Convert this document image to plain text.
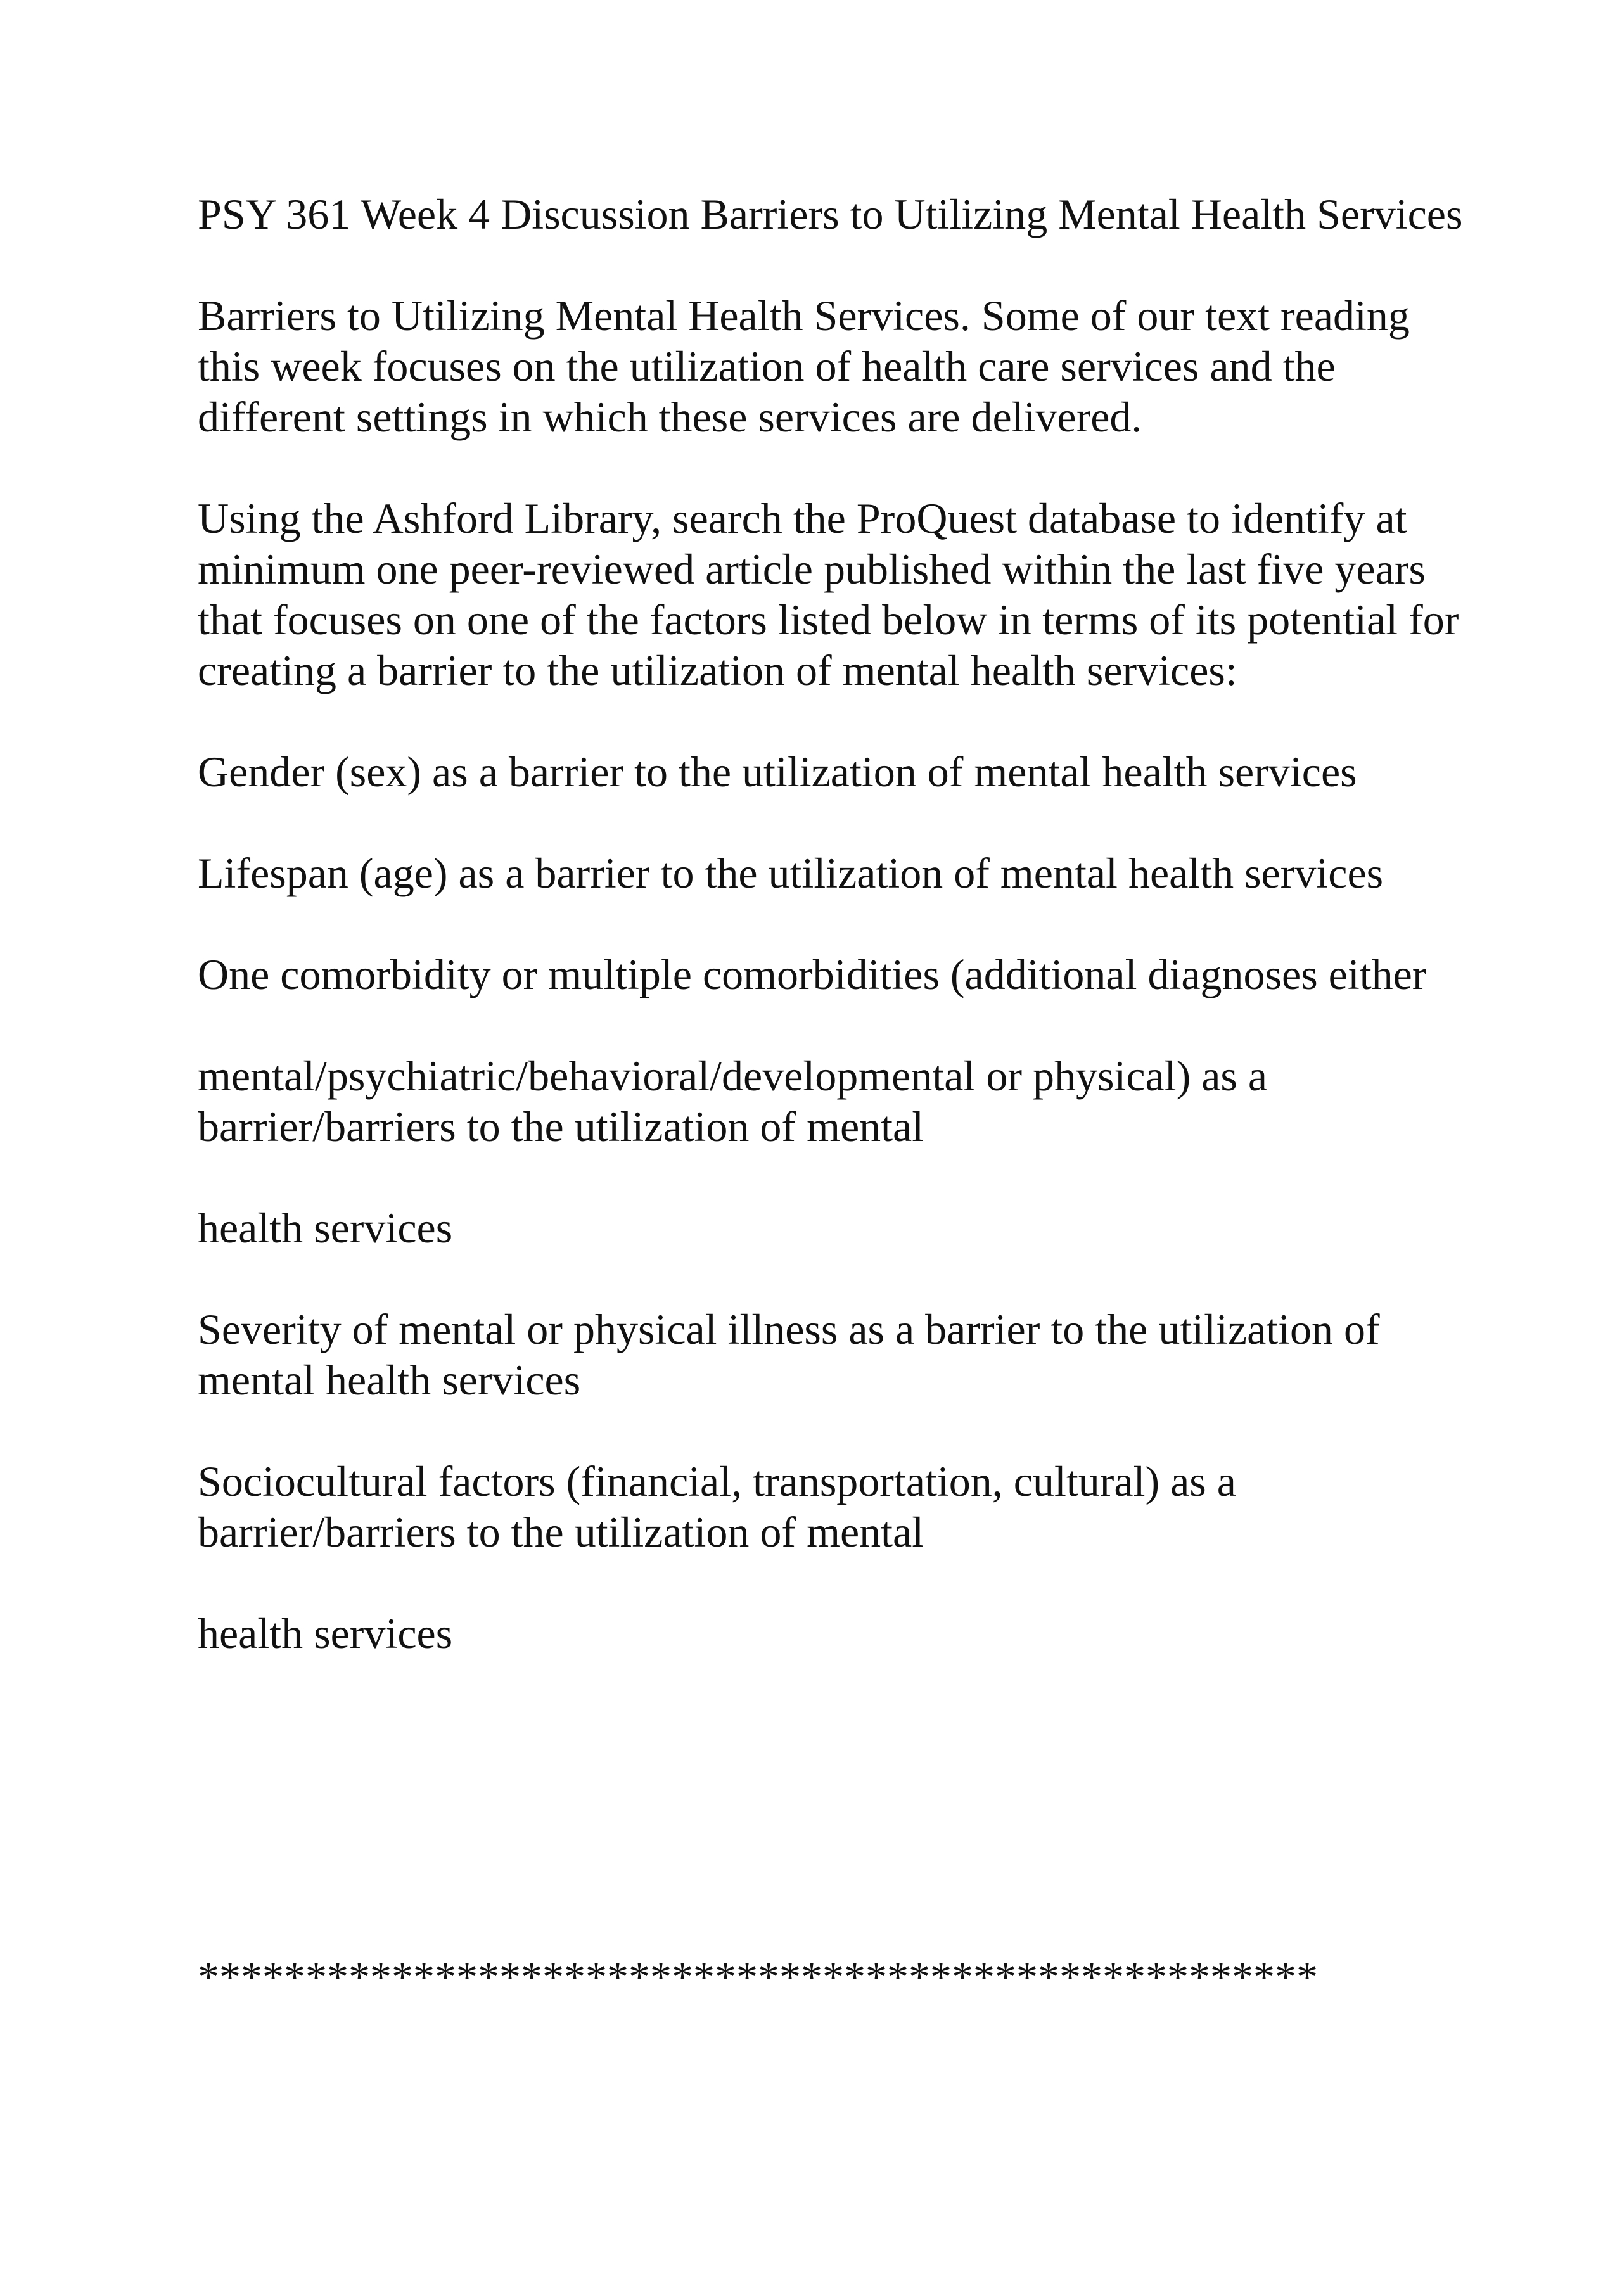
PSY 361 Week 4 Discussion Barriers to Utilizing Mental Health Services

Barriers to Utilizing Mental Health Services. Some of our text reading this week focuses on the utilization of health care services and the different settings in which these services are delivered.

Using the Ashford Library, search the ProQuest database to identify at minimum one peer-reviewed article published within the last five years that focuses on one of the factors listed below in terms of its potential for creating a barrier to the utilization of mental health services:

Gender (sex) as a barrier to the utilization of mental health services

Lifespan (age) as a barrier to the utilization of mental health services

One comorbidity or multiple comorbidities (additional diagnoses either

mental/psychiatric/behavioral/developmental or physical) as a barrier/barriers to the utilization of mental

health services

Severity of mental or physical illness as a barrier to the utilization of mental health services

Sociocultural factors (financial, transportation, cultural) as a barrier/barriers to the utilization of mental

health services

****************************************************
